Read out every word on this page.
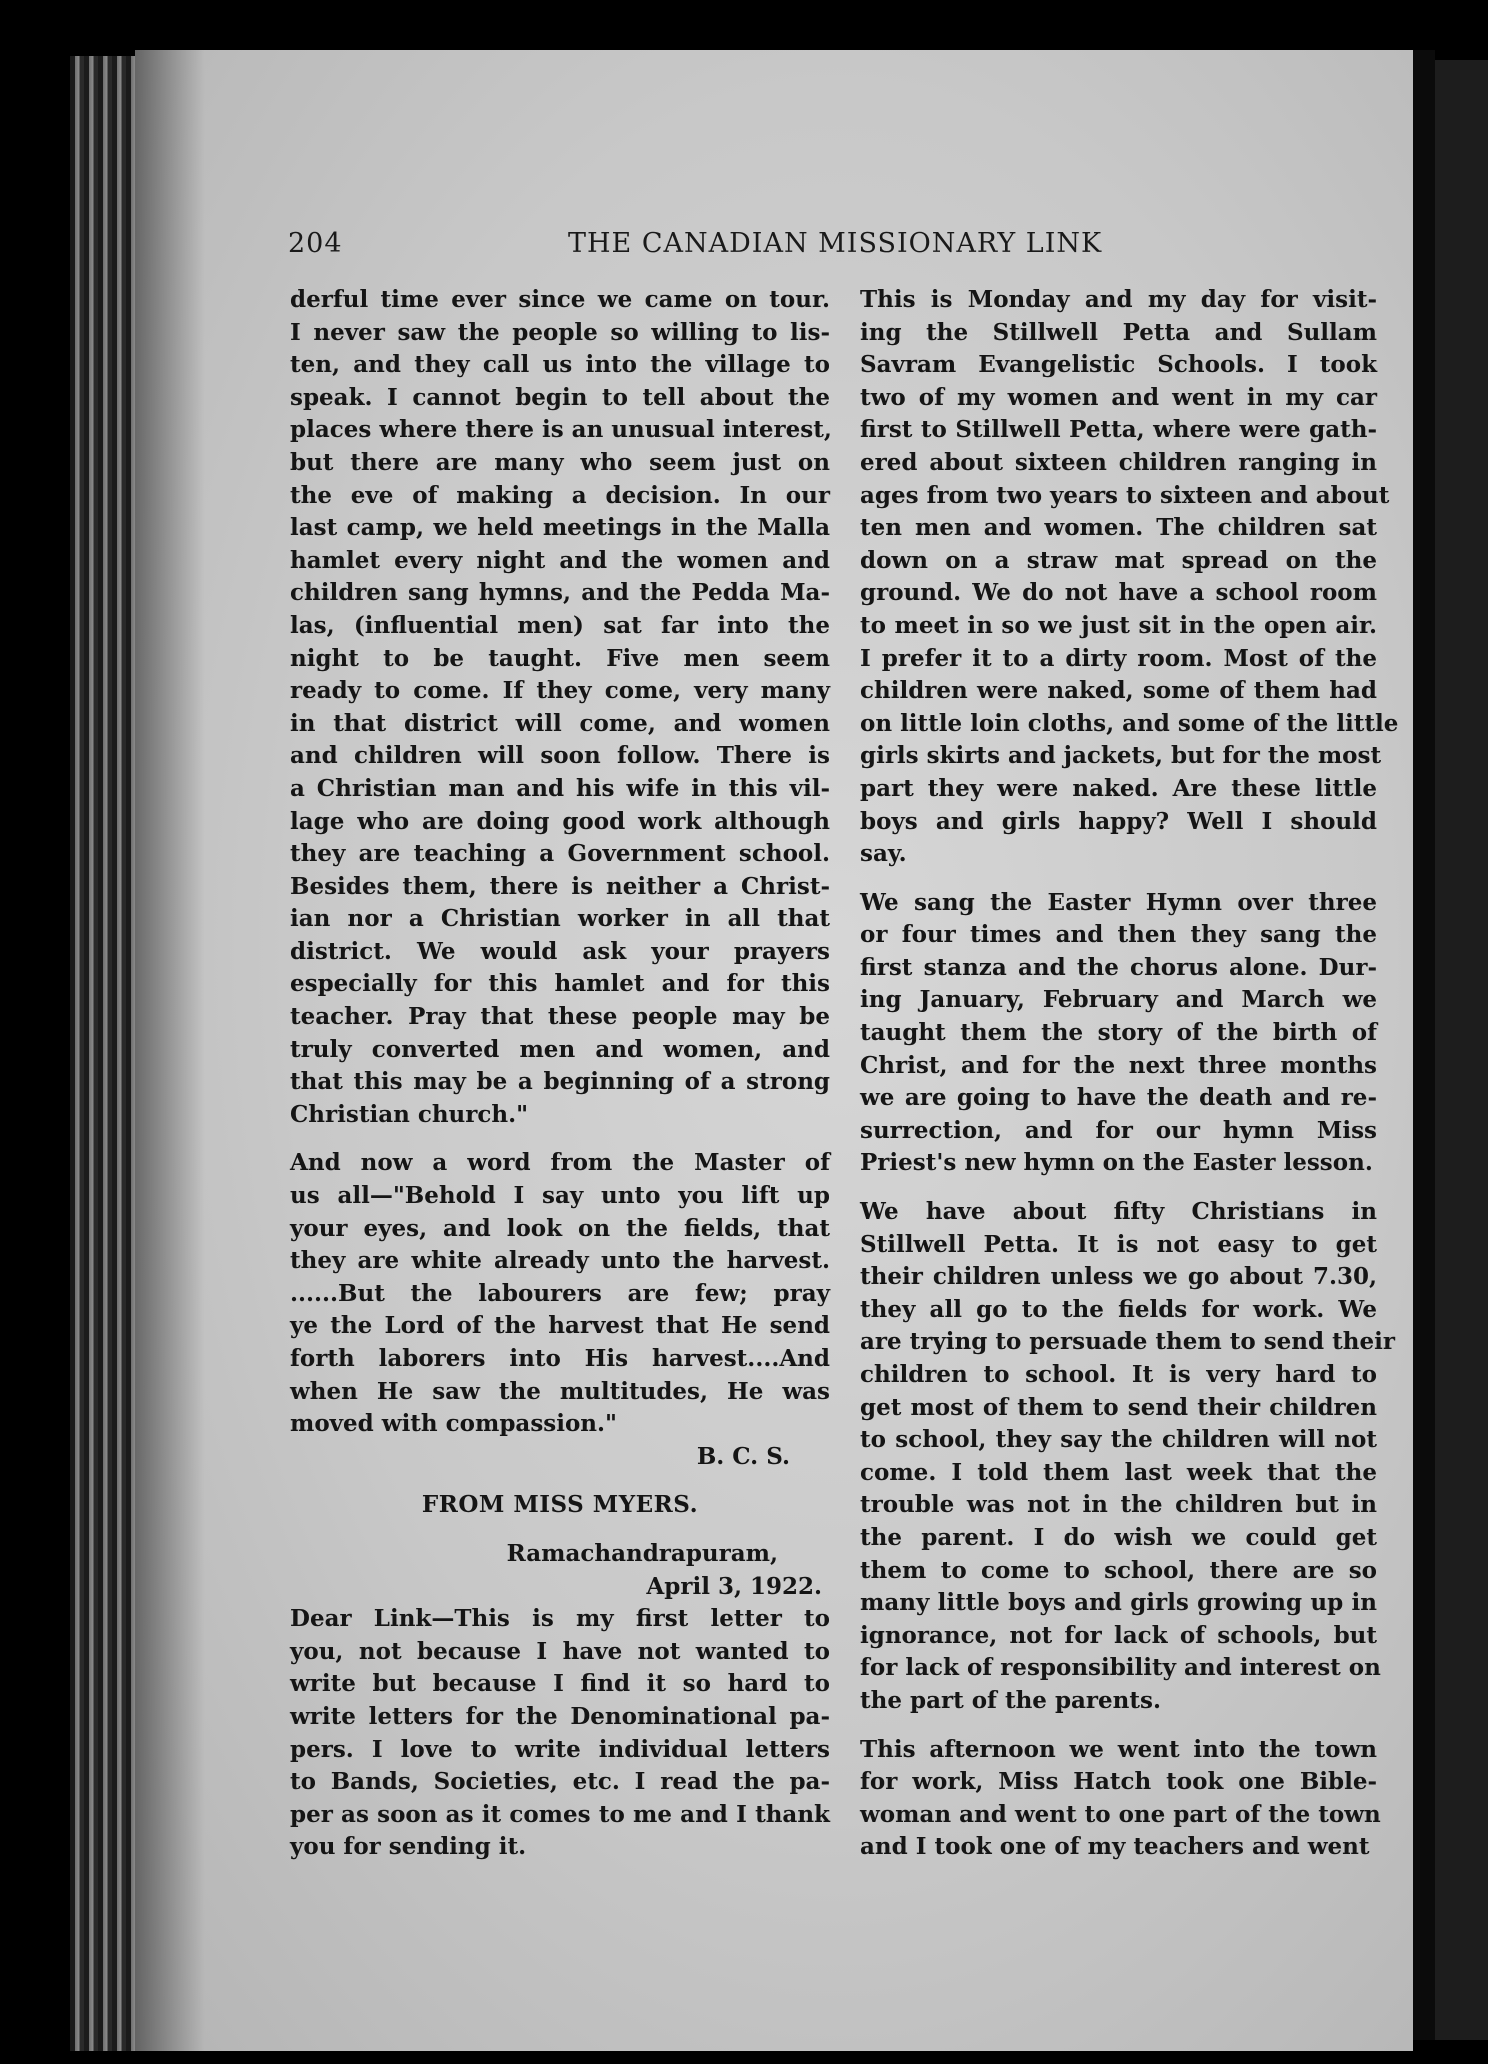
204	THE CANADIAN MISSIONARY LINK
derful time ever since we came on tour.
I never saw the people so willing to lis-
ten, and they call us into the village to
speak. I cannot begin to tell about the
places where there is an unusual interest,
but there are many who seem just on
the eve of making a decision. In our
last camp, we held meetings in the Malla
hamlet every night and the women and
children sang hymns, and the Pedda Ma-
las, (influential men) sat far into the
night to be taught. Five men seem
ready to come. If they come, very many
in that district will come, and women
and children will soon follow. There is
a Christian man and his wife in this vil-
lage who are doing good work although
they are teaching a Government school.
Besides them, there is neither a Christ-
ian nor a Christian worker in all that
district. We would ask your prayers
especially for this hamlet and for this
teacher. Pray that these people may be
truly converted men and women, and
that this may be a beginning of a strong
Christian church."
And now a word from the Master of
us all—"Behold I say unto you lift up
your eyes, and look on the fields, that
they are white already unto the harvest.
......But the labourers are few; pray
ye the Lord of the harvest that He send
forth laborers into His harvest....And
when He saw the multitudes, He was
moved with compassion."
B. C. S.
FROM MISS MYERS.
Ramachandrapuram,
April 3, 1922.
Dear Link—This is my first letter to
you, not because I have not wanted to
write but because I find it so hard to
write letters for the Denominational pa-
pers. I love to write individual letters
to Bands, Societies, etc. I read the pa-
per as soon as it comes to me and I thank
you for sending it.
This is Monday and my day for visit-
ing the Stillwell Petta and Sullam
Savram Evangelistic Schools. I took
two of my women and went in my car
first to Stillwell Petta, where were gath-
ered about sixteen children ranging in
ages from two years to sixteen and about
ten men and women. The children sat
down on a straw mat spread on the
ground. We do not have a school room
to meet in so we just sit in the open air.
I prefer it to a dirty room. Most of the
children were naked, some of them had
on little loin cloths, and some of the little
girls skirts and jackets, but for the most
part they were naked. Are these little
boys and girls happy? Well I should
say.
We sang the Easter Hymn over three
or four times and then they sang the
first stanza and the chorus alone. Dur-
ing January, February and March we
taught them the story of the birth of
Christ, and for the next three months
we are going to have the death and re-
surrection, and for our hymn Miss
Priest's new hymn on the Easter lesson.
We have about fifty Christians in
Stillwell Petta. It is not easy to get
their children unless we go about 7.30,
they all go to the fields for work. We
are trying to persuade them to send their
children to school. It is very hard to
get most of them to send their children
to school, they say the children will not
come. I told them last week that the
trouble was not in the children but in
the parent. I do wish we could get
them to come to school, there are so
many little boys and girls growing up in
ignorance, not for lack of schools, but
for lack of responsibility and interest on
the part of the parents.
This afternoon we went into the town
for work, Miss Hatch took one Bible-
woman and went to one part of the town
and I took one of my teachers and went
